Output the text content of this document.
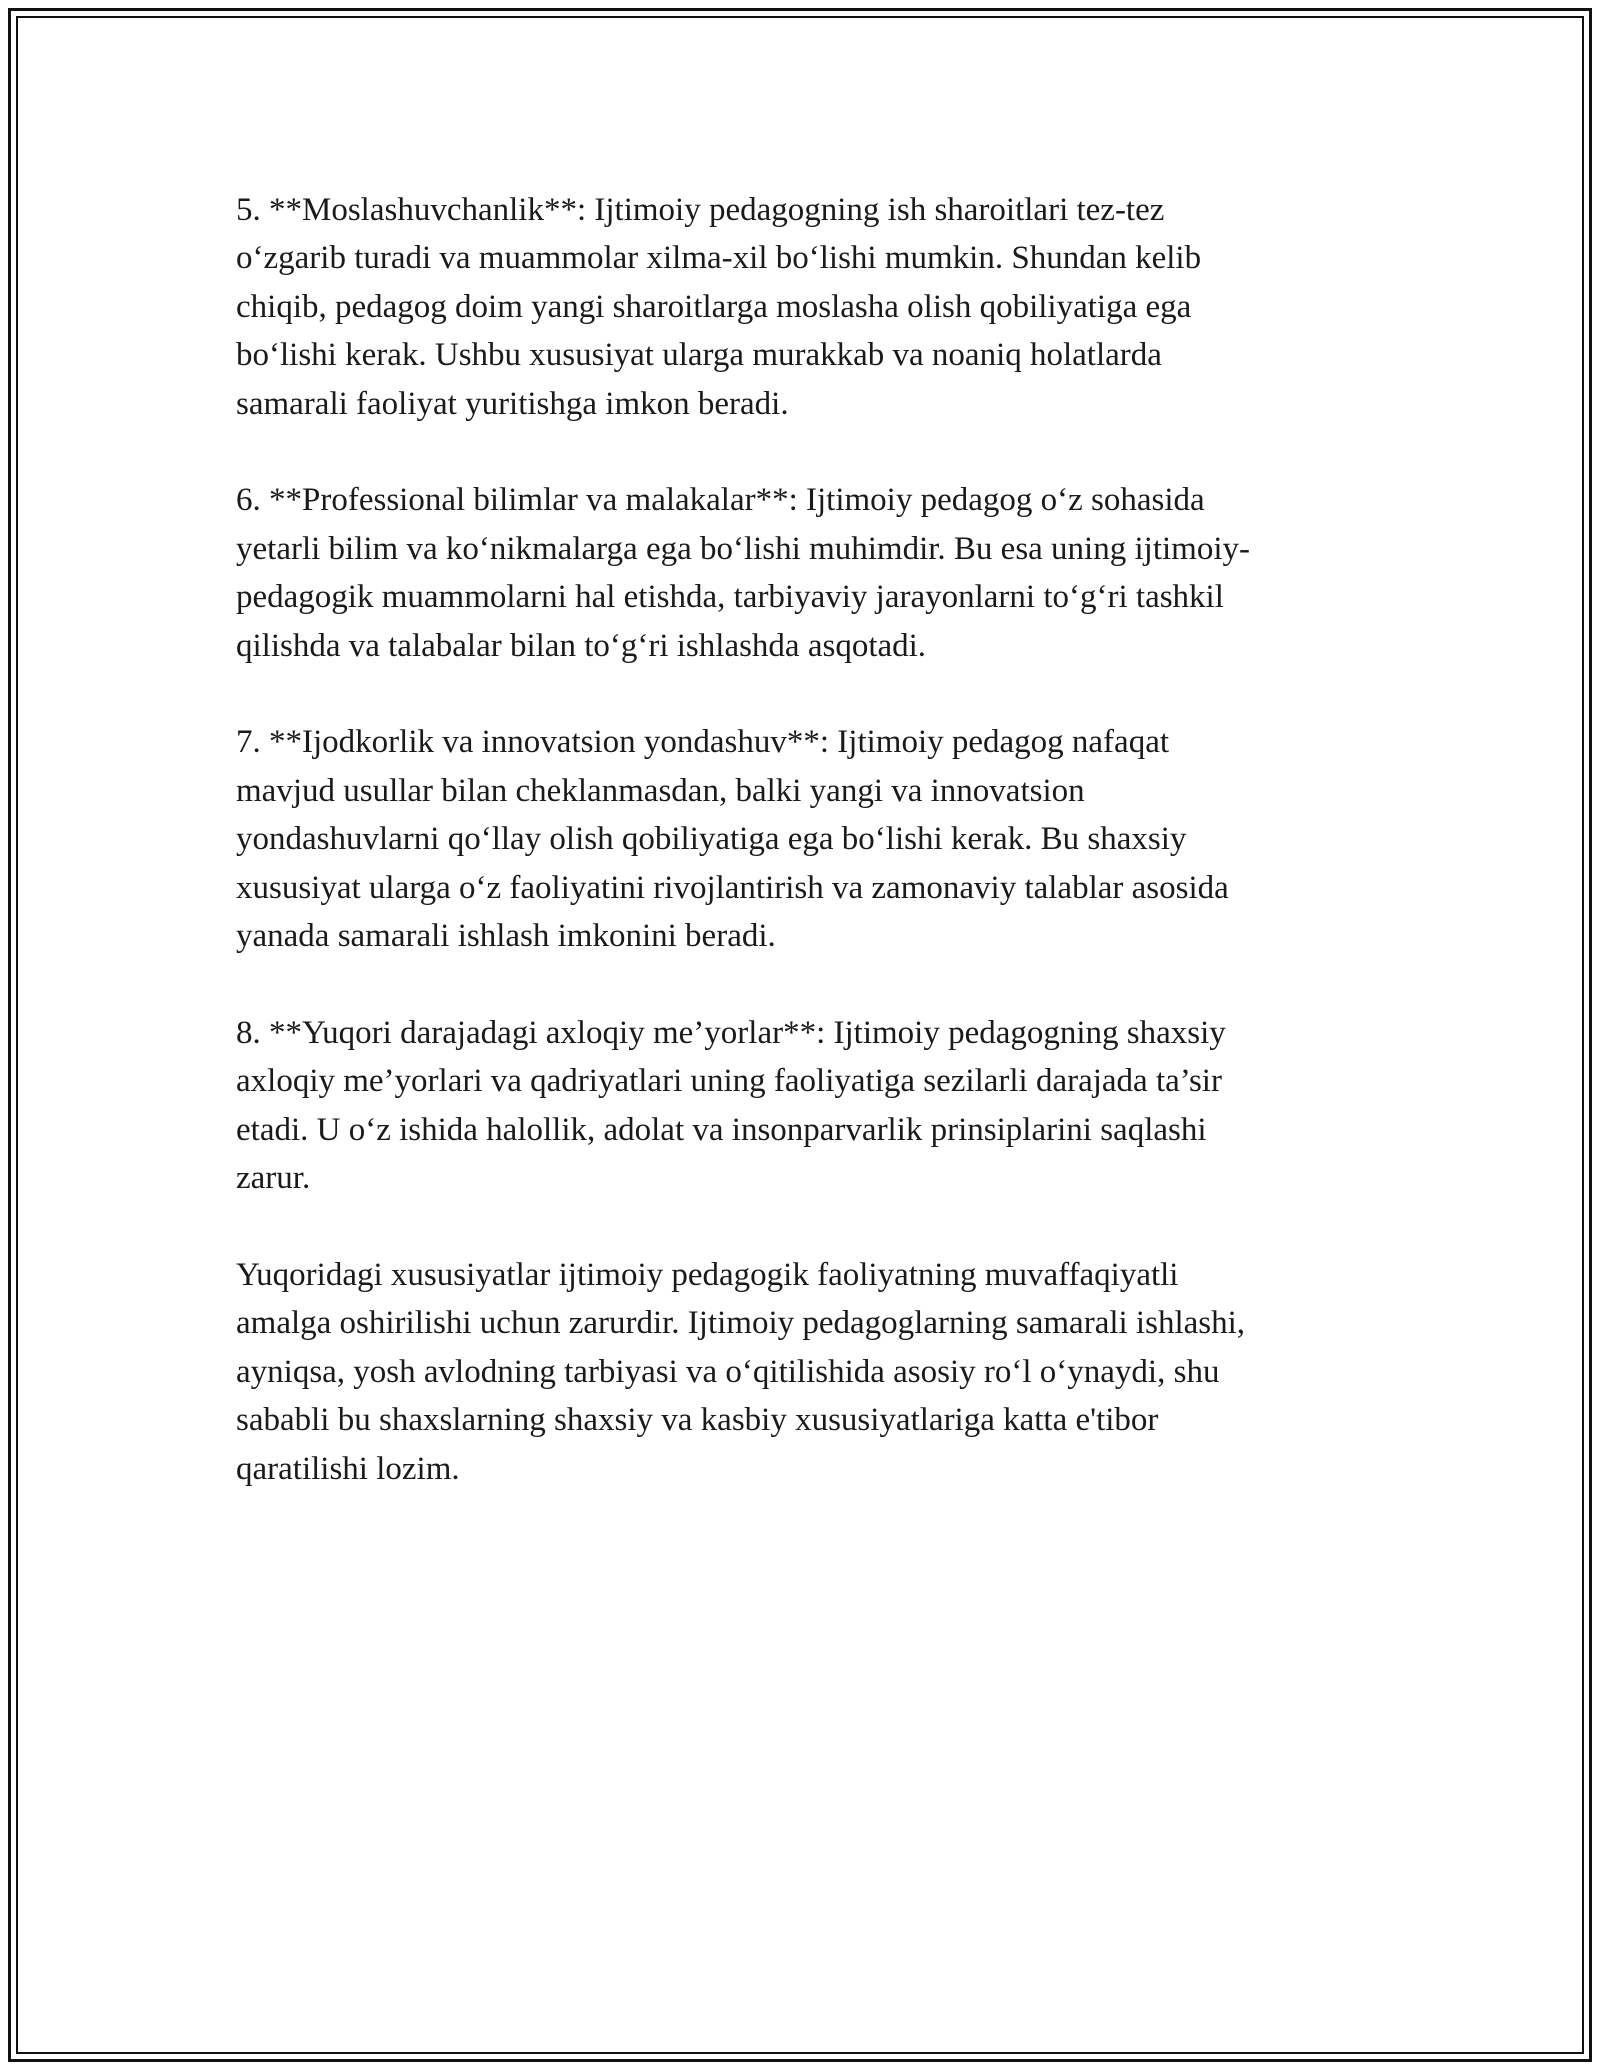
5. **Moslashuvchanlik**: Ijtimoiy pedagogning ish sharoitlari tez-tez
o‘zgarib turadi va muammolar xilma-xil bo‘lishi mumkin. Shundan kelib
chiqib, pedagog doim yangi sharoitlarga moslasha olish qobiliyatiga ega
bo‘lishi kerak. Ushbu xususiyat ularga murakkab va noaniq holatlarda
samarali faoliyat yuritishga imkon beradi.

6. **Professional bilimlar va malakalar**: Ijtimoiy pedagog o‘z sohasida
yetarli bilim va ko‘nikmalarga ega bo‘lishi muhimdir. Bu esa uning ijtimoiy-
pedagogik muammolarni hal etishda, tarbiyaviy jarayonlarni to‘g‘ri tashkil
qilishda va talabalar bilan to‘g‘ri ishlashda asqotadi.

7. **Ijodkorlik va innovatsion yondashuv**: Ijtimoiy pedagog nafaqat
mavjud usullar bilan cheklanmasdan, balki yangi va innovatsion
yondashuvlarni qo‘llay olish qobiliyatiga ega bo‘lishi kerak. Bu shaxsiy
xususiyat ularga o‘z faoliyatini rivojlantirish va zamonaviy talablar asosida
yanada samarali ishlash imkonini beradi.

8. **Yuqori darajadagi axloqiy me’yorlar**: Ijtimoiy pedagogning shaxsiy
axloqiy me’yorlari va qadriyatlari uning faoliyatiga sezilarli darajada ta’sir
etadi. U o‘z ishida halollik, adolat va insonparvarlik prinsiplarini saqlashi
zarur.

Yuqoridagi xususiyatlar ijtimoiy pedagogik faoliyatning muvaffaqiyatli
amalga oshirilishi uchun zarurdir. Ijtimoiy pedagoglarning samarali ishlashi,
ayniqsa, yosh avlodning tarbiyasi va o‘qitilishida asosiy ro‘l o‘ynaydi, shu
sababli bu shaxslarning shaxsiy va kasbiy xususiyatlariga katta e'tibor
qaratilishi lozim.
